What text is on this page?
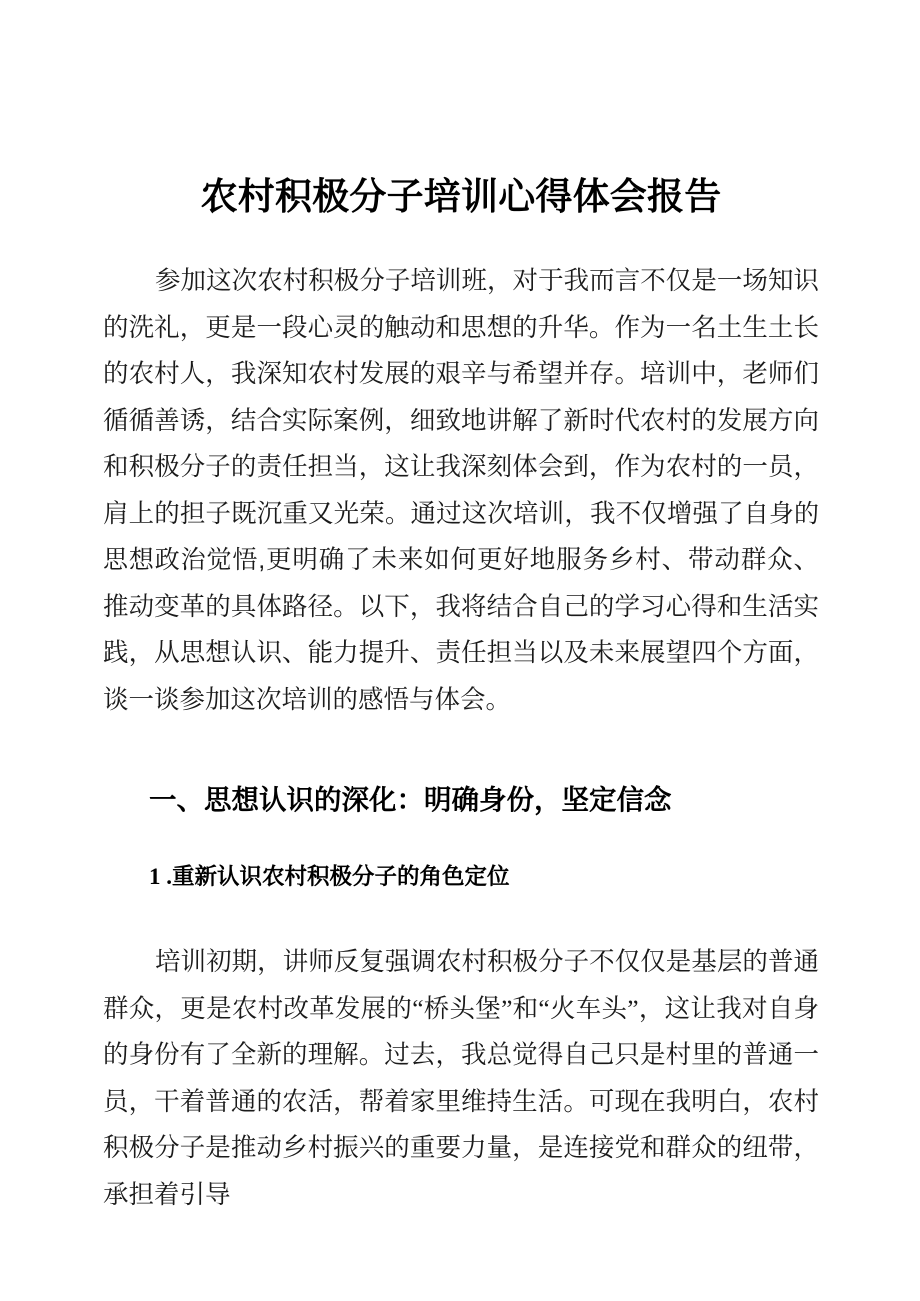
农村积极分子培训心得体会报告

参加这次农村积极分子培训班，对于我而言不仅是一场知识的洗礼，更是一段心灵的触动和思想的升华。作为一名土生土长的农村人，我深知农村发展的艰辛与希望并存。培训中，老师们循循善诱，结合实际案例，细致地讲解了新时代农村的发展方向和积极分子的责任担当，这让我深刻体会到，作为农村的一员，肩上的担子既沉重又光荣。通过这次培训，我不仅增强了自身的思想政治觉悟,更明确了未来如何更好地服务乡村、带动群众、推动变革的具体路径。以下，我将结合自己的学习心得和生活实践，从思想认识、能力提升、责任担当以及未来展望四个方面，谈一谈参加这次培训的感悟与体会。

一、思想认识的深化：明确身份，坚定信念
1 .重新认识农村积极分子的角色定位

培训初期，讲师反复强调农村积极分子不仅仅是基层的普通群众，更是农村改革发展的“桥头堡”和“火车头”，这让我对自身的身份有了全新的理解。过去，我总觉得自己只是村里的普通一员，干着普通的农活，帮着家里维持生活。可现在我明白，农村积极分子是推动乡村振兴的重要力量，是连接党和群众的纽带，承担着引导
